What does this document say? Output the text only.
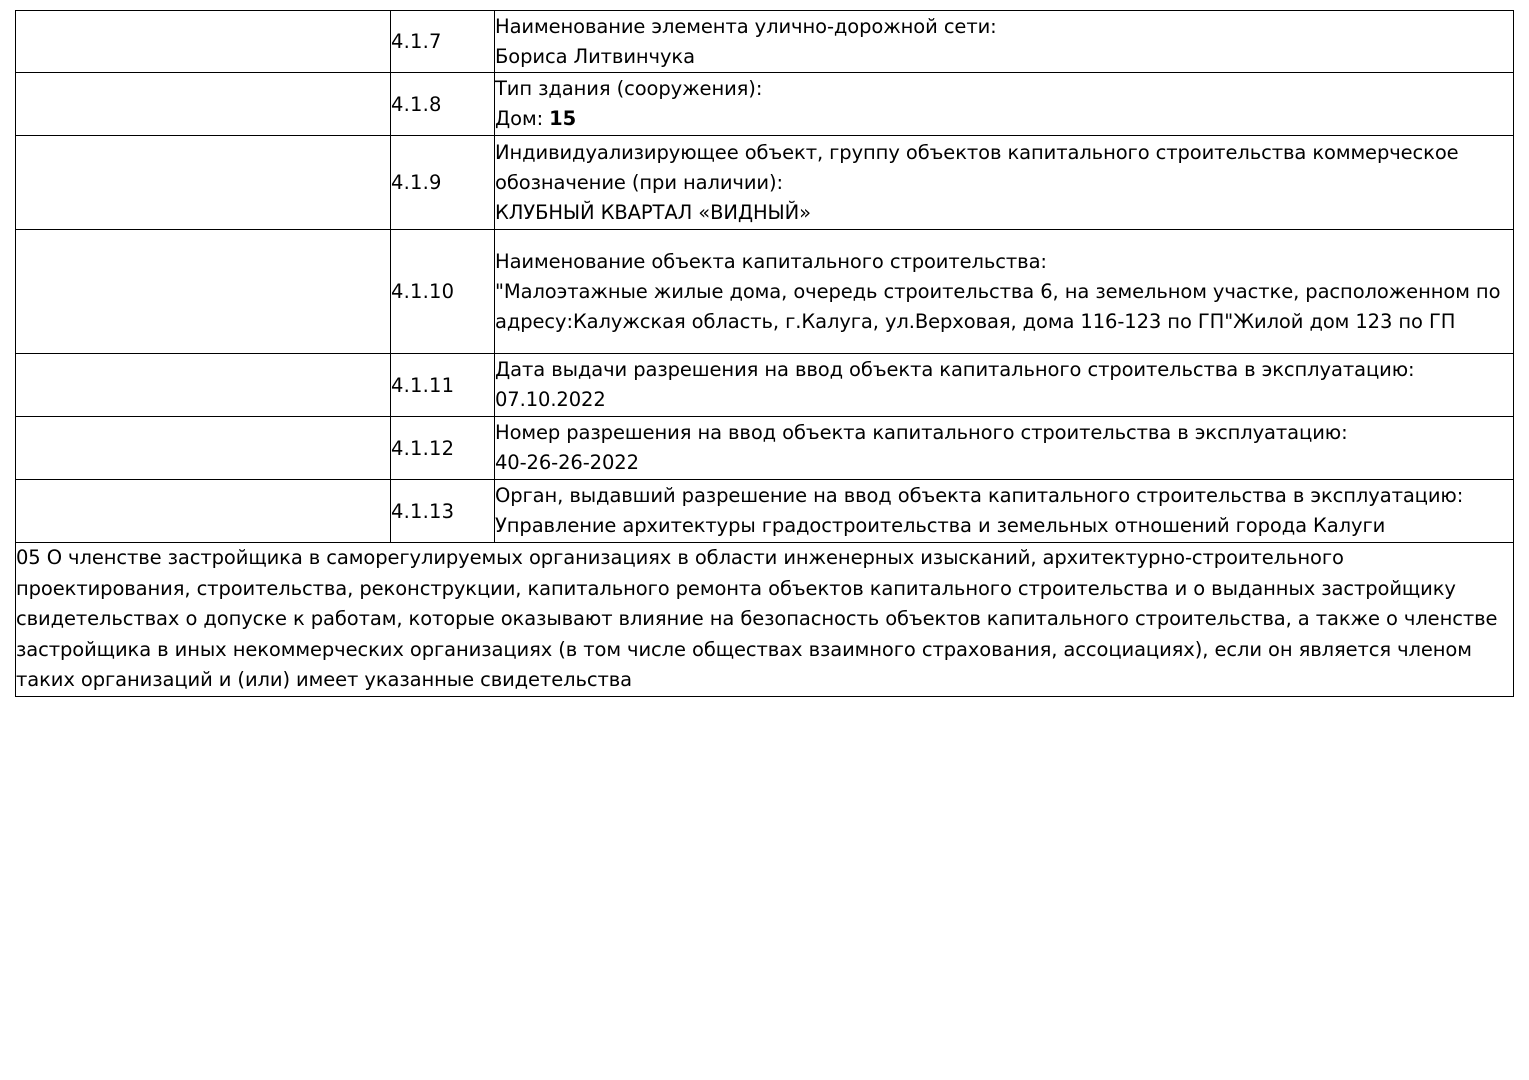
	4.1.7	Наименование элемента улично-дорожной сети:
Бориса Литвинчука

	4.1.8	Тип здания (сооружения):
Дом: 15

	4.1.9	Индивидуализирующее объект, группу объектов капитального строительства коммерческое обозначение (при наличии):
КЛУБНЫЙ КВАРТАЛ «ВИДНЫЙ»

	4.1.10	Наименование объекта капитального строительства:
"Малоэтажные жилые дома, очередь строительства 6, на земельном участке, расположенном по адресу:Калужская область, г.Калуга, ул.Верховая, дома 116-123 по ГП"Жилой дом 123 по ГП

	4.1.11	Дата выдачи разрешения на ввод объекта капитального строительства в эксплуатацию:
07.10.2022

	4.1.12	Номер разрешения на ввод объекта капитального строительства в эксплуатацию:
40-26-26-2022

	4.1.13	Орган, выдавший разрешение на ввод объекта капитального строительства в эксплуатацию:
Управление архитектуры градостроительства и земельных отношений города Калуги

05 О членстве застройщика в саморегулируемых организациях в области инженерных изысканий, архитектурно-строительного проектирования, строительства, реконструкции, капитального ремонта объектов капитального строительства и о выданных застройщику свидетельствах о допуске к работам, которые оказывают влияние на безопасность объектов капитального строительства, а также о членстве застройщика в иных некоммерческих организациях (в том числе обществах взаимного страхования, ассоциациях), если он является членом таких организаций и (или) имеет указанные свидетельства		
